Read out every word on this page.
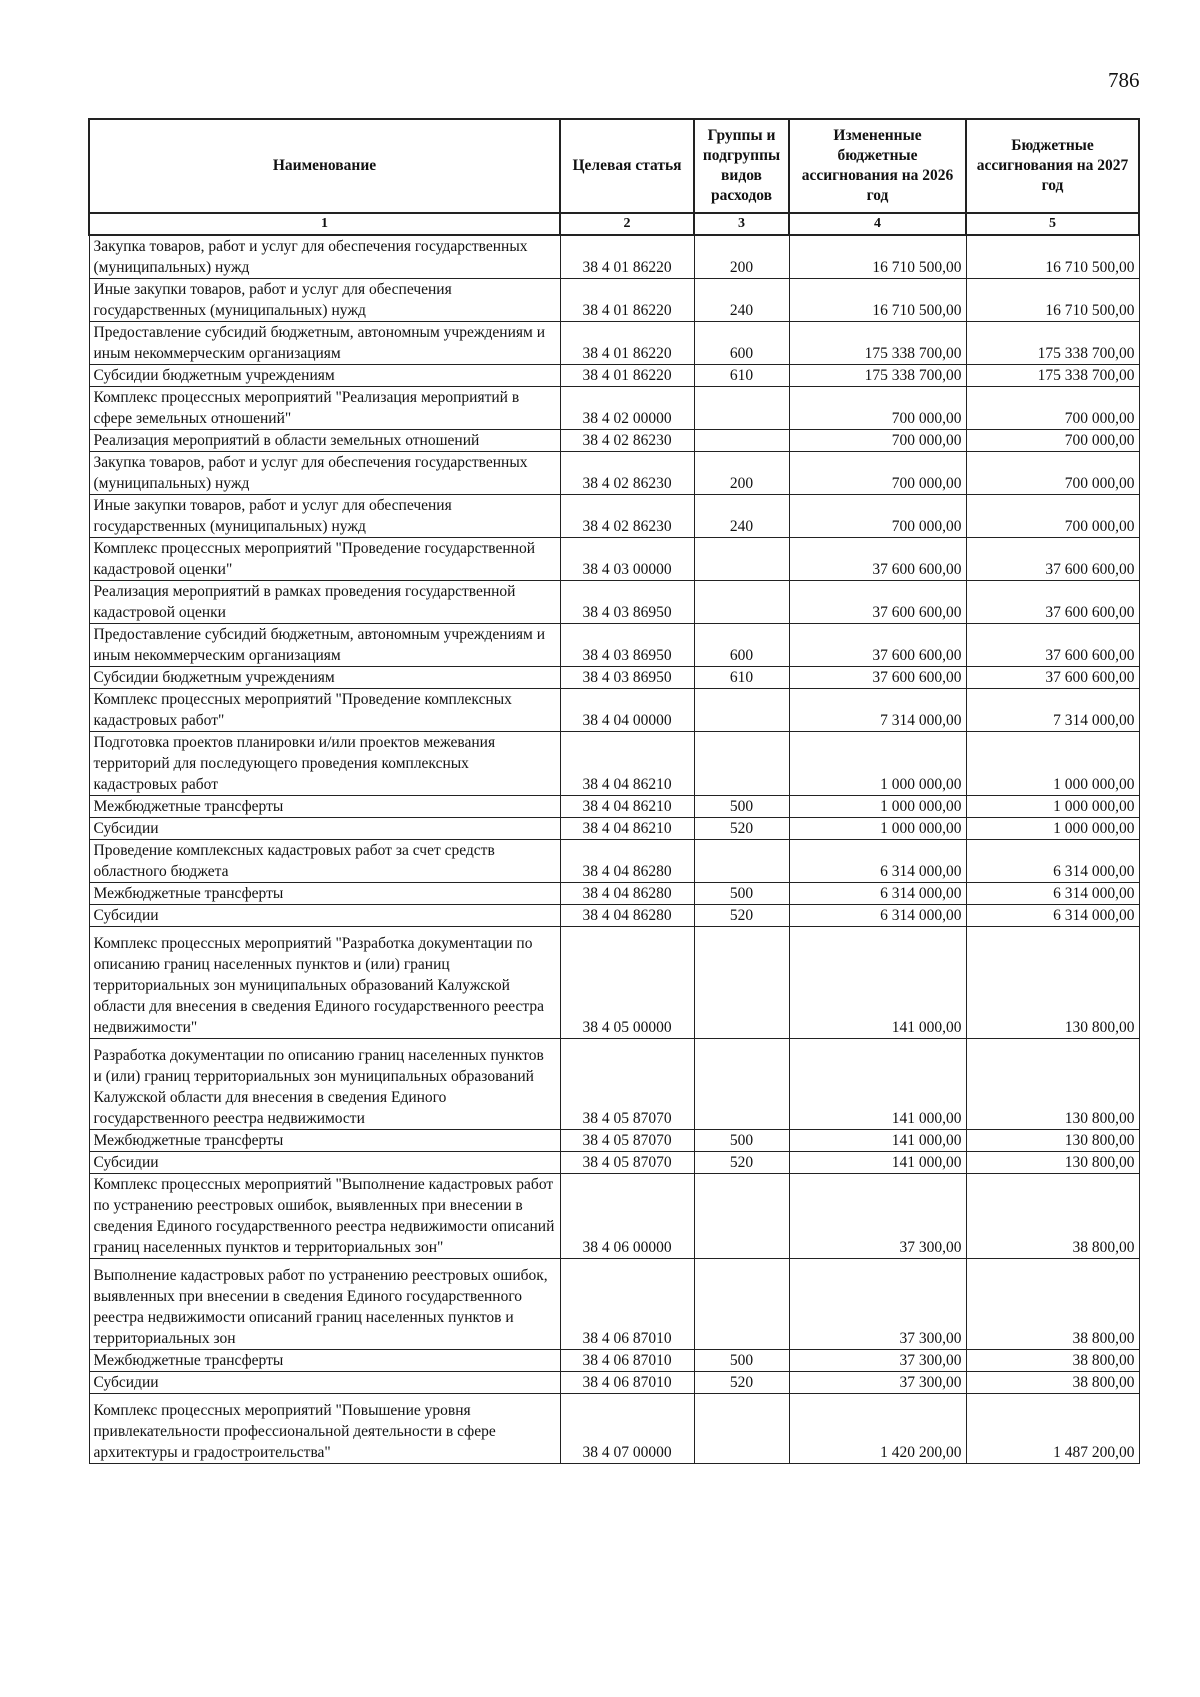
786
Наименование	Целевая статья	Группы и подгруппы видов расходов	Измененные бюджетные ассигнования на 2026 год	Бюджетные ассигнования на 2027 год
1	2	3	4	5
Закупка товаров, работ и услуг для обеспечения государственных (муниципальных) нужд	38 4 01 86220	200	16 710 500,00	16 710 500,00
Иные закупки товаров, работ и услуг для обеспечения государственных (муниципальных) нужд	38 4 01 86220	240	16 710 500,00	16 710 500,00
Предоставление субсидий бюджетным, автономным учреждениям и иным некоммерческим организациям	38 4 01 86220	600	175 338 700,00	175 338 700,00
Субсидии бюджетным учреждениям	38 4 01 86220	610	175 338 700,00	175 338 700,00
Комплекс процессных мероприятий "Реализация мероприятий в сфере земельных отношений"	38 4 02 00000		700 000,00	700 000,00
Реализация мероприятий в области земельных отношений	38 4 02 86230		700 000,00	700 000,00
Закупка товаров, работ и услуг для обеспечения государственных (муниципальных) нужд	38 4 02 86230	200	700 000,00	700 000,00
Иные закупки товаров, работ и услуг для обеспечения государственных (муниципальных) нужд	38 4 02 86230	240	700 000,00	700 000,00
Комплекс процессных мероприятий "Проведение государственной кадастровой оценки"	38 4 03 00000		37 600 600,00	37 600 600,00
Реализация мероприятий в рамках проведения государственной кадастровой оценки	38 4 03 86950		37 600 600,00	37 600 600,00
Предоставление субсидий бюджетным, автономным учреждениям и иным некоммерческим организациям	38 4 03 86950	600	37 600 600,00	37 600 600,00
Субсидии бюджетным учреждениям	38 4 03 86950	610	37 600 600,00	37 600 600,00
Комплекс процессных мероприятий "Проведение комплексных кадастровых работ"	38 4 04 00000		7 314 000,00	7 314 000,00
Подготовка проектов планировки и/или проектов межевания территорий для последующего проведения комплексных кадастровых работ	38 4 04 86210		1 000 000,00	1 000 000,00
Межбюджетные трансферты	38 4 04 86210	500	1 000 000,00	1 000 000,00
Субсидии	38 4 04 86210	520	1 000 000,00	1 000 000,00
Проведение комплексных кадастровых работ за счет средств областного бюджета	38 4 04 86280		6 314 000,00	6 314 000,00
Межбюджетные трансферты	38 4 04 86280	500	6 314 000,00	6 314 000,00
Субсидии	38 4 04 86280	520	6 314 000,00	6 314 000,00
Комплекс процессных мероприятий "Разработка документации по описанию границ населенных пунктов и (или) границ территориальных зон муниципальных образований Калужской области для внесения в сведения Единого государственного реестра недвижимости"	38 4 05 00000		141 000,00	130 800,00
Разработка документации по описанию границ населенных пунктов и (или) границ территориальных зон муниципальных образований Калужской области для внесения в сведения Единого государственного реестра недвижимости	38 4 05 87070		141 000,00	130 800,00
Межбюджетные трансферты	38 4 05 87070	500	141 000,00	130 800,00
Субсидии	38 4 05 87070	520	141 000,00	130 800,00
Комплекс процессных мероприятий "Выполнение кадастровых работ по устранению реестровых ошибок, выявленных при внесении в сведения Единого государственного реестра недвижимости описаний границ населенных пунктов и территориальных зон"	38 4 06 00000		37 300,00	38 800,00
Выполнение кадастровых работ по устранению реестровых ошибок, выявленных при внесении в сведения Единого государственного реестра недвижимости описаний границ населенных пунктов и территориальных зон	38 4 06 87010		37 300,00	38 800,00
Межбюджетные трансферты	38 4 06 87010	500	37 300,00	38 800,00
Субсидии	38 4 06 87010	520	37 300,00	38 800,00
Комплекс процессных мероприятий "Повышение уровня привлекательности профессиональной деятельности в сфере архитектуры и градостроительства"	38 4 07 00000		1 420 200,00	1 487 200,00
